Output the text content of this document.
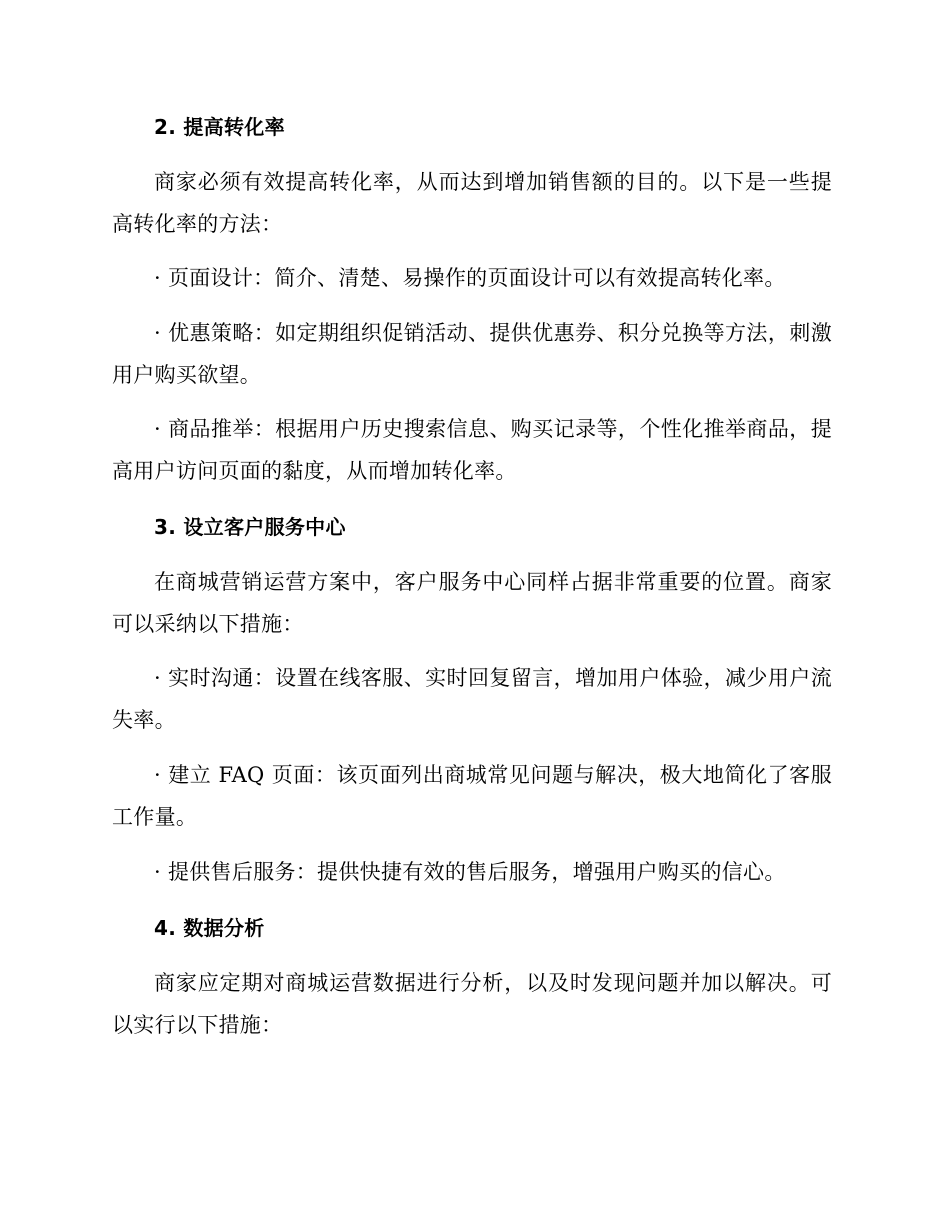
2. 提高转化率

商家必须有效提高转化率，从而达到增加销售额的目的。以下是一些提高转化率的方法：

· 页面设计：简介、清楚、易操作的页面设计可以有效提高转化率。

· 优惠策略：如定期组织促销活动、提供优惠券、积分兑换等方法，刺激用户购买欲望。

· 商品推举：根据用户历史搜索信息、购买记录等，个性化推举商品，提高用户访问页面的黏度，从而增加转化率。

3. 设立客户服务中心

在商城营销运营方案中，客户服务中心同样占据非常重要的位置。商家可以采纳以下措施：

· 实时沟通：设置在线客服、实时回复留言，增加用户体验，减少用户流失率。

· 建立 FAQ 页面：该页面列出商城常见问题与解决，极大地简化了客服工作量。

· 提供售后服务：提供快捷有效的售后服务，增强用户购买的信心。

4. 数据分析

商家应定期对商城运营数据进行分析，以及时发现问题并加以解决。可以实行以下措施：
